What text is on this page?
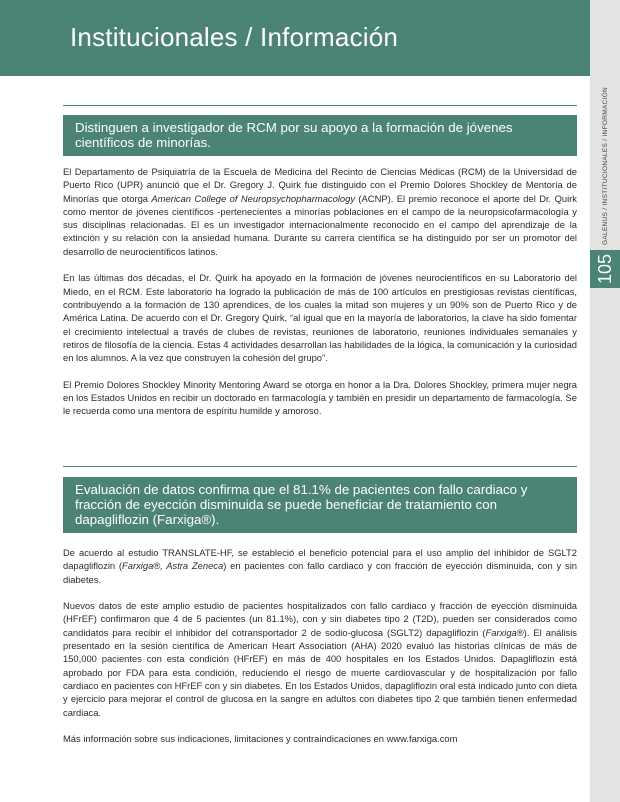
Institucionales / Información
GALENUS / INSTITUCIONALES / INFORMACIÓN
105
Distinguen a investigador de RCM por su apoyo a la formación de jóvenes científicos de minorías.

El Departamento de Psiquiatría de la Escuela de Medicina del Recinto de Ciencias Médicas (RCM) de la Universidad de Puerto Rico (UPR) anunció que el Dr. Gregory J. Quirk fue distinguido con el Premio Dolores Shockley de Mentoría de Minorías que otorga American College of Neuropsychopharmacology (ACNP). El premio reconoce el aporte del Dr. Quirk como mentor de jóvenes científicos -pertenecientes a minorías poblaciones en el campo de la neuropsicofarmacología y sus disciplinas relacionadas. El es un investigador internacionalmente reconocido en el campo del aprendizaje de la extinción y su relación con la ansiedad humana. Durante su carrera científica se ha distinguido por ser un promotor del desarrollo de neurocientíficos latinos.

En las últimas dos décadas, el Dr. Quirk ha apoyado en la formación de jóvenes neurocientíficos en su Laboratorio del Miedo, en el RCM. Este laboratorio ha logrado la publicación de más de 100 artículos en prestigiosas revistas científicas, contribuyendo a la formación de 130 aprendices, de los cuales la mitad son mujeres y un 90% son de Puerto Rico y de América Latina. De acuerdo con el Dr. Gregory Quirk, “al igual que en la mayoría de laboratorios, la clave ha sido fomentar el crecimiento intelectual a través de clubes de revistas, reuniones de laboratorio, reuniones individuales semanales y retiros de filosofía de la ciencia. Estas 4 actividades desarrollan las habilidades de la lógica, la comunicación y la curiosidad en los alumnos. A la vez que construyen la cohesión del grupo”.

El Premio Dolores Shockley Minority Mentoring Award se otorga en honor a la Dra. Dolores Shockley, primera mujer negra en los Estados Unidos en recibir un doctorado en farmacología y también en presidir un departamento de farmacología. Se le recuerda como una mentora de espíritu humilde y amoroso.

Evaluación de datos confirma que el 81.1% de pacientes con fallo cardiaco y fracción de eyección disminuida se puede beneficiar de tratamiento con dapagliflozin (Farxiga®).

De acuerdo al estudio TRANSLATE-HF, se estableció el beneficio potencial para el uso amplio del inhibidor de SGLT2 dapagliflozin (Farxiga®, Astra Zeneca) en pacientes con fallo cardiaco y con fracción de eyección disminuida, con y sin diabetes.

Nuevos datos de este amplio estudio de pacientes hospitalizados con fallo cardiaco y fracción de eyección disminuida (HFrEF) confirmaron que 4 de 5 pacientes (un 81.1%), con y sin diabetes tipo 2 (T2D), pueden ser considerados como candidatos para recibir el inhibidor del cotransportador 2 de sodio-glucosa (SGLT2) dapagliflozin (Farxiga®). El análisis presentado en la sesión científica de American Heart Association (AHA) 2020 evaluó las historias clínicas de más de 150,000 pacientes con esta condición (HFrEF) en más de 400 hospitales en los Estados Unidos. Dapagliflozin está aprobado por FDA para esta condición, reduciendo el riesgo de muerte cardiovascular y de hospitalización por fallo cardiaco en pacientes con HFrEF con y sin diabetes. En los Estados Unidos, dapagliflozin oral está indicado junto con dieta y ejercicio para mejorar el control de glucosa en la sangre en adultos con diabetes tipo 2 que también tienen enfermedad cardiaca.

Más información sobre sus indicaciones, limitaciones y contraindicaciones en www.farxiga.com
